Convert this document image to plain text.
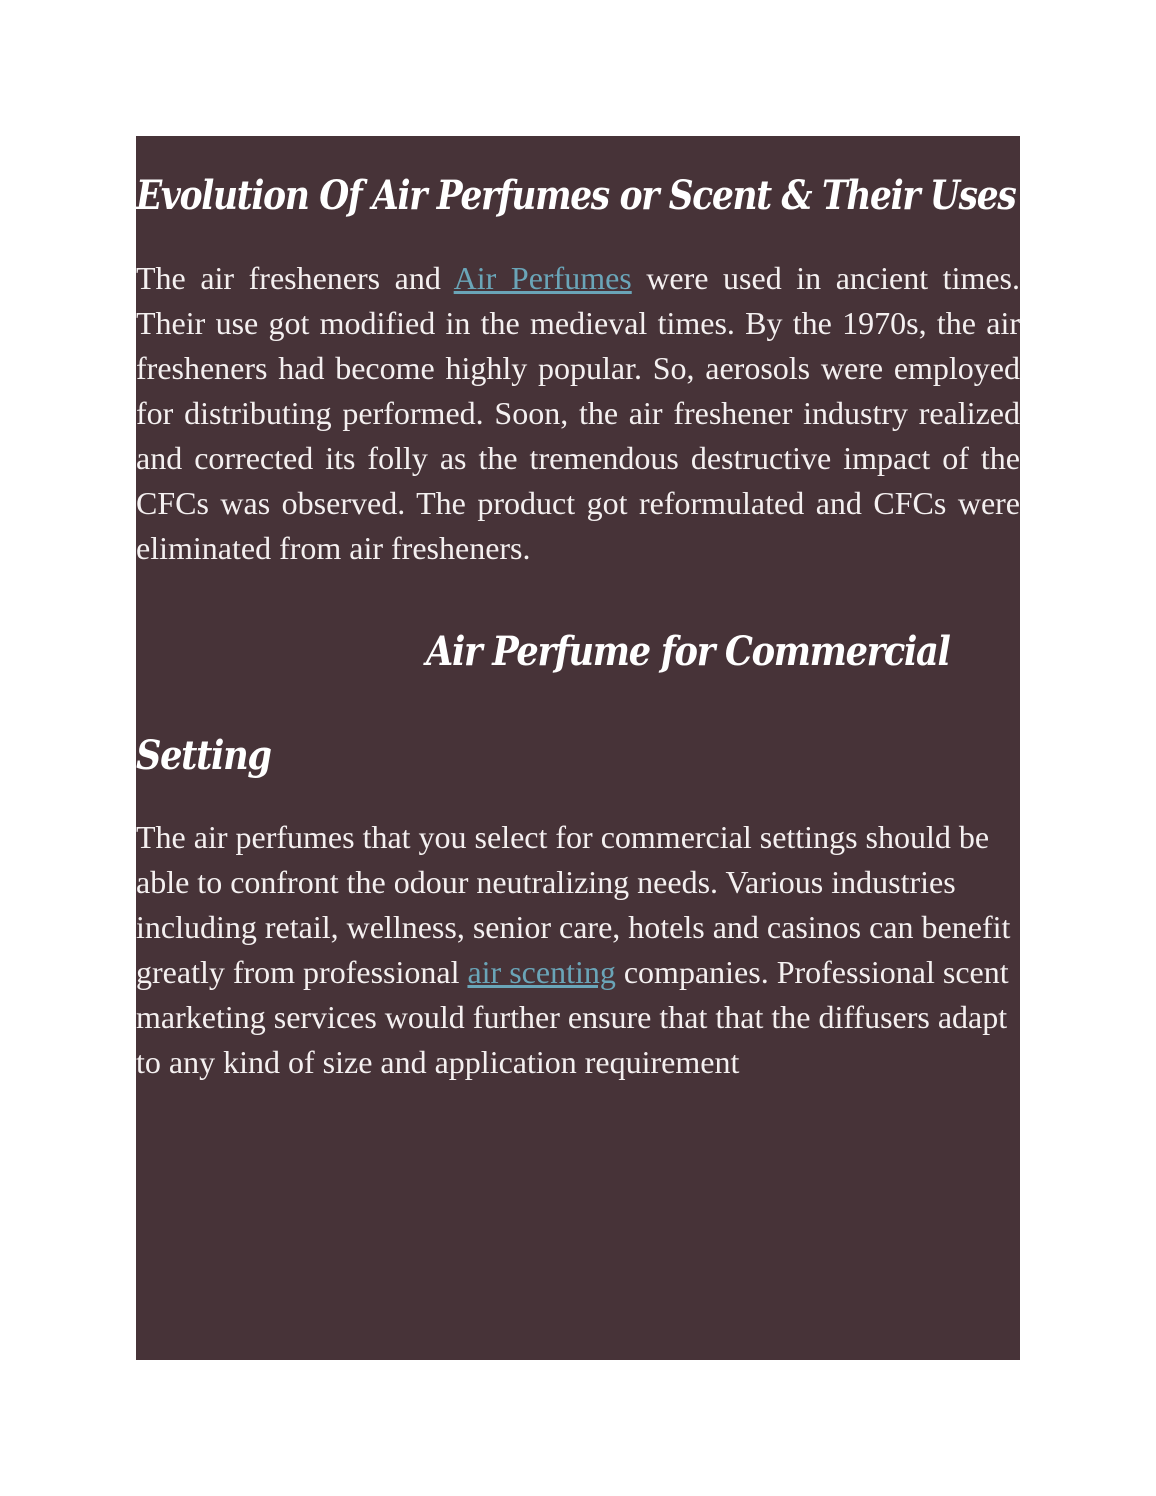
Evolution Of Air Perfumes or Scent & Their Uses

The air fresheners and Air Perfumes were used in ancient times. Their use got modified in the medieval times. By the 1970s, the air fresheners had become highly popular. So, aerosols were employed for distributing performed. Soon, the air freshener industry realized and corrected its folly as the tremendous destructive impact of the CFCs was observed. The product got reformulated and CFCs were eliminated from air fresheners.

Air Perfume for Commercial
Setting

The air perfumes that you select for commercial settings should be able to confront the odour neutralizing needs. Various industries including retail, wellness, senior care, hotels and casinos can benefit greatly from professional air scenting companies. Professional scent marketing services would further ensure that that the diffusers adapt to any kind of size and application requirement
